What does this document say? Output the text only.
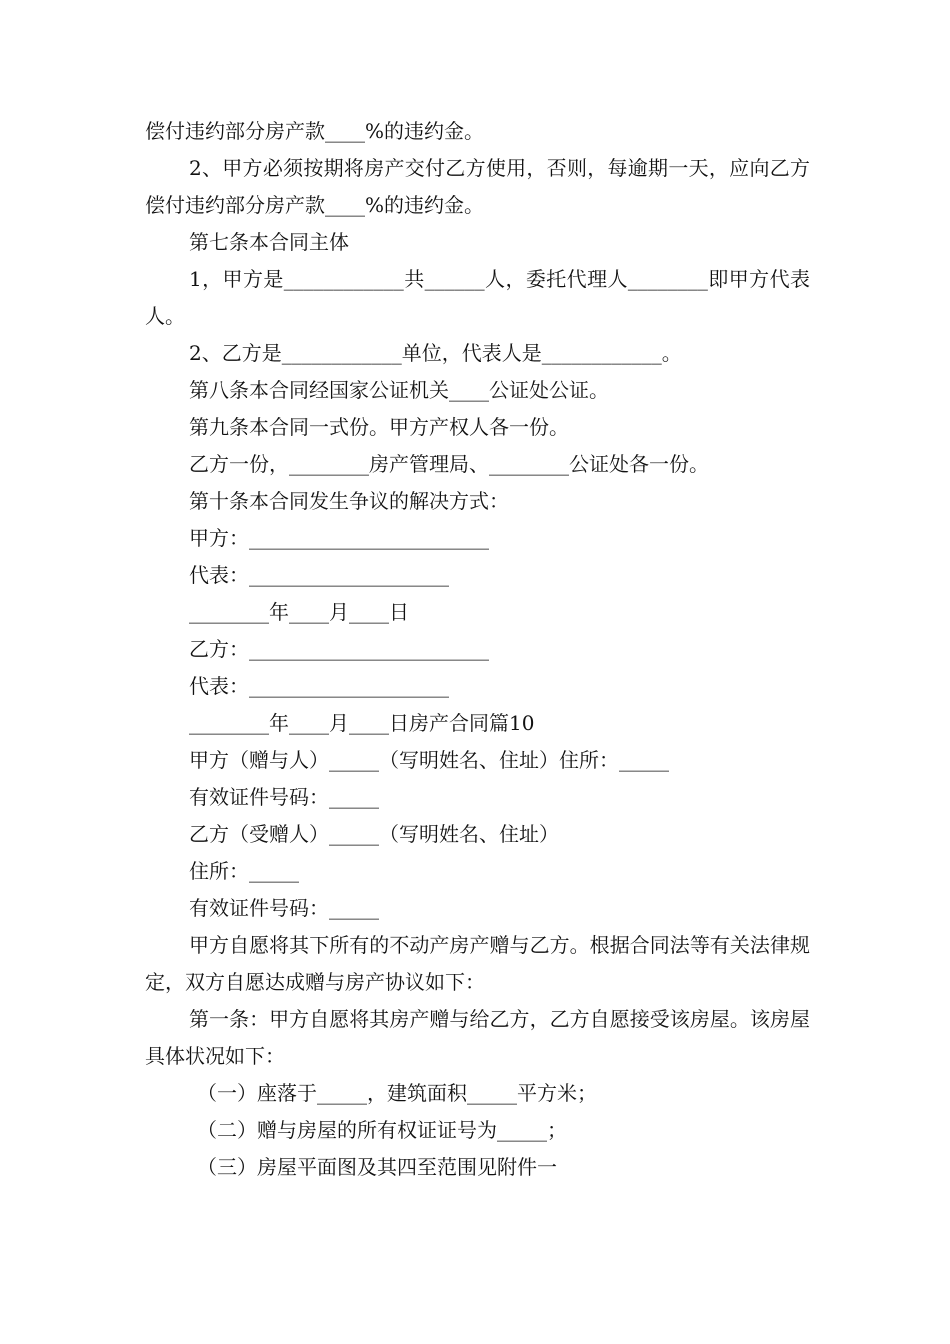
偿付违约部分房产款____%的违约金。

2、甲方必须按期将房产交付乙方使用，否则，每逾期一天，应向乙方偿付违约部分房产款____%的违约金。

第七条本合同主体

1，甲方是____________共______人，委托代理人________即甲方代表人。

2、乙方是____________单位，代表人是____________。

第八条本合同经国家公证机关____公证处公证。

第九条本合同一式份。甲方产权人各一份。

乙方一份，________房产管理局、________公证处各一份。

第十条本合同发生争议的解决方式：

甲方：________________________

代表：____________________

________年____月____日

乙方：________________________

代表：____________________

________年____月____日房产合同篇10

甲方（赠与人）_____（写明姓名、住址）住所：_____

有效证件号码：_____

乙方（受赠人）_____（写明姓名、住址）

住所：_____

有效证件号码：_____

甲方自愿将其下所有的不动产房产赠与乙方。根据合同法等有关法律规定，双方自愿达成赠与房产协议如下：

第一条：甲方自愿将其房产赠与给乙方，乙方自愿接受该房屋。该房屋具体状况如下：

（一）座落于_____，建筑面积_____平方米；

（二）赠与房屋的所有权证证号为_____；

（三）房屋平面图及其四至范围见附件一
